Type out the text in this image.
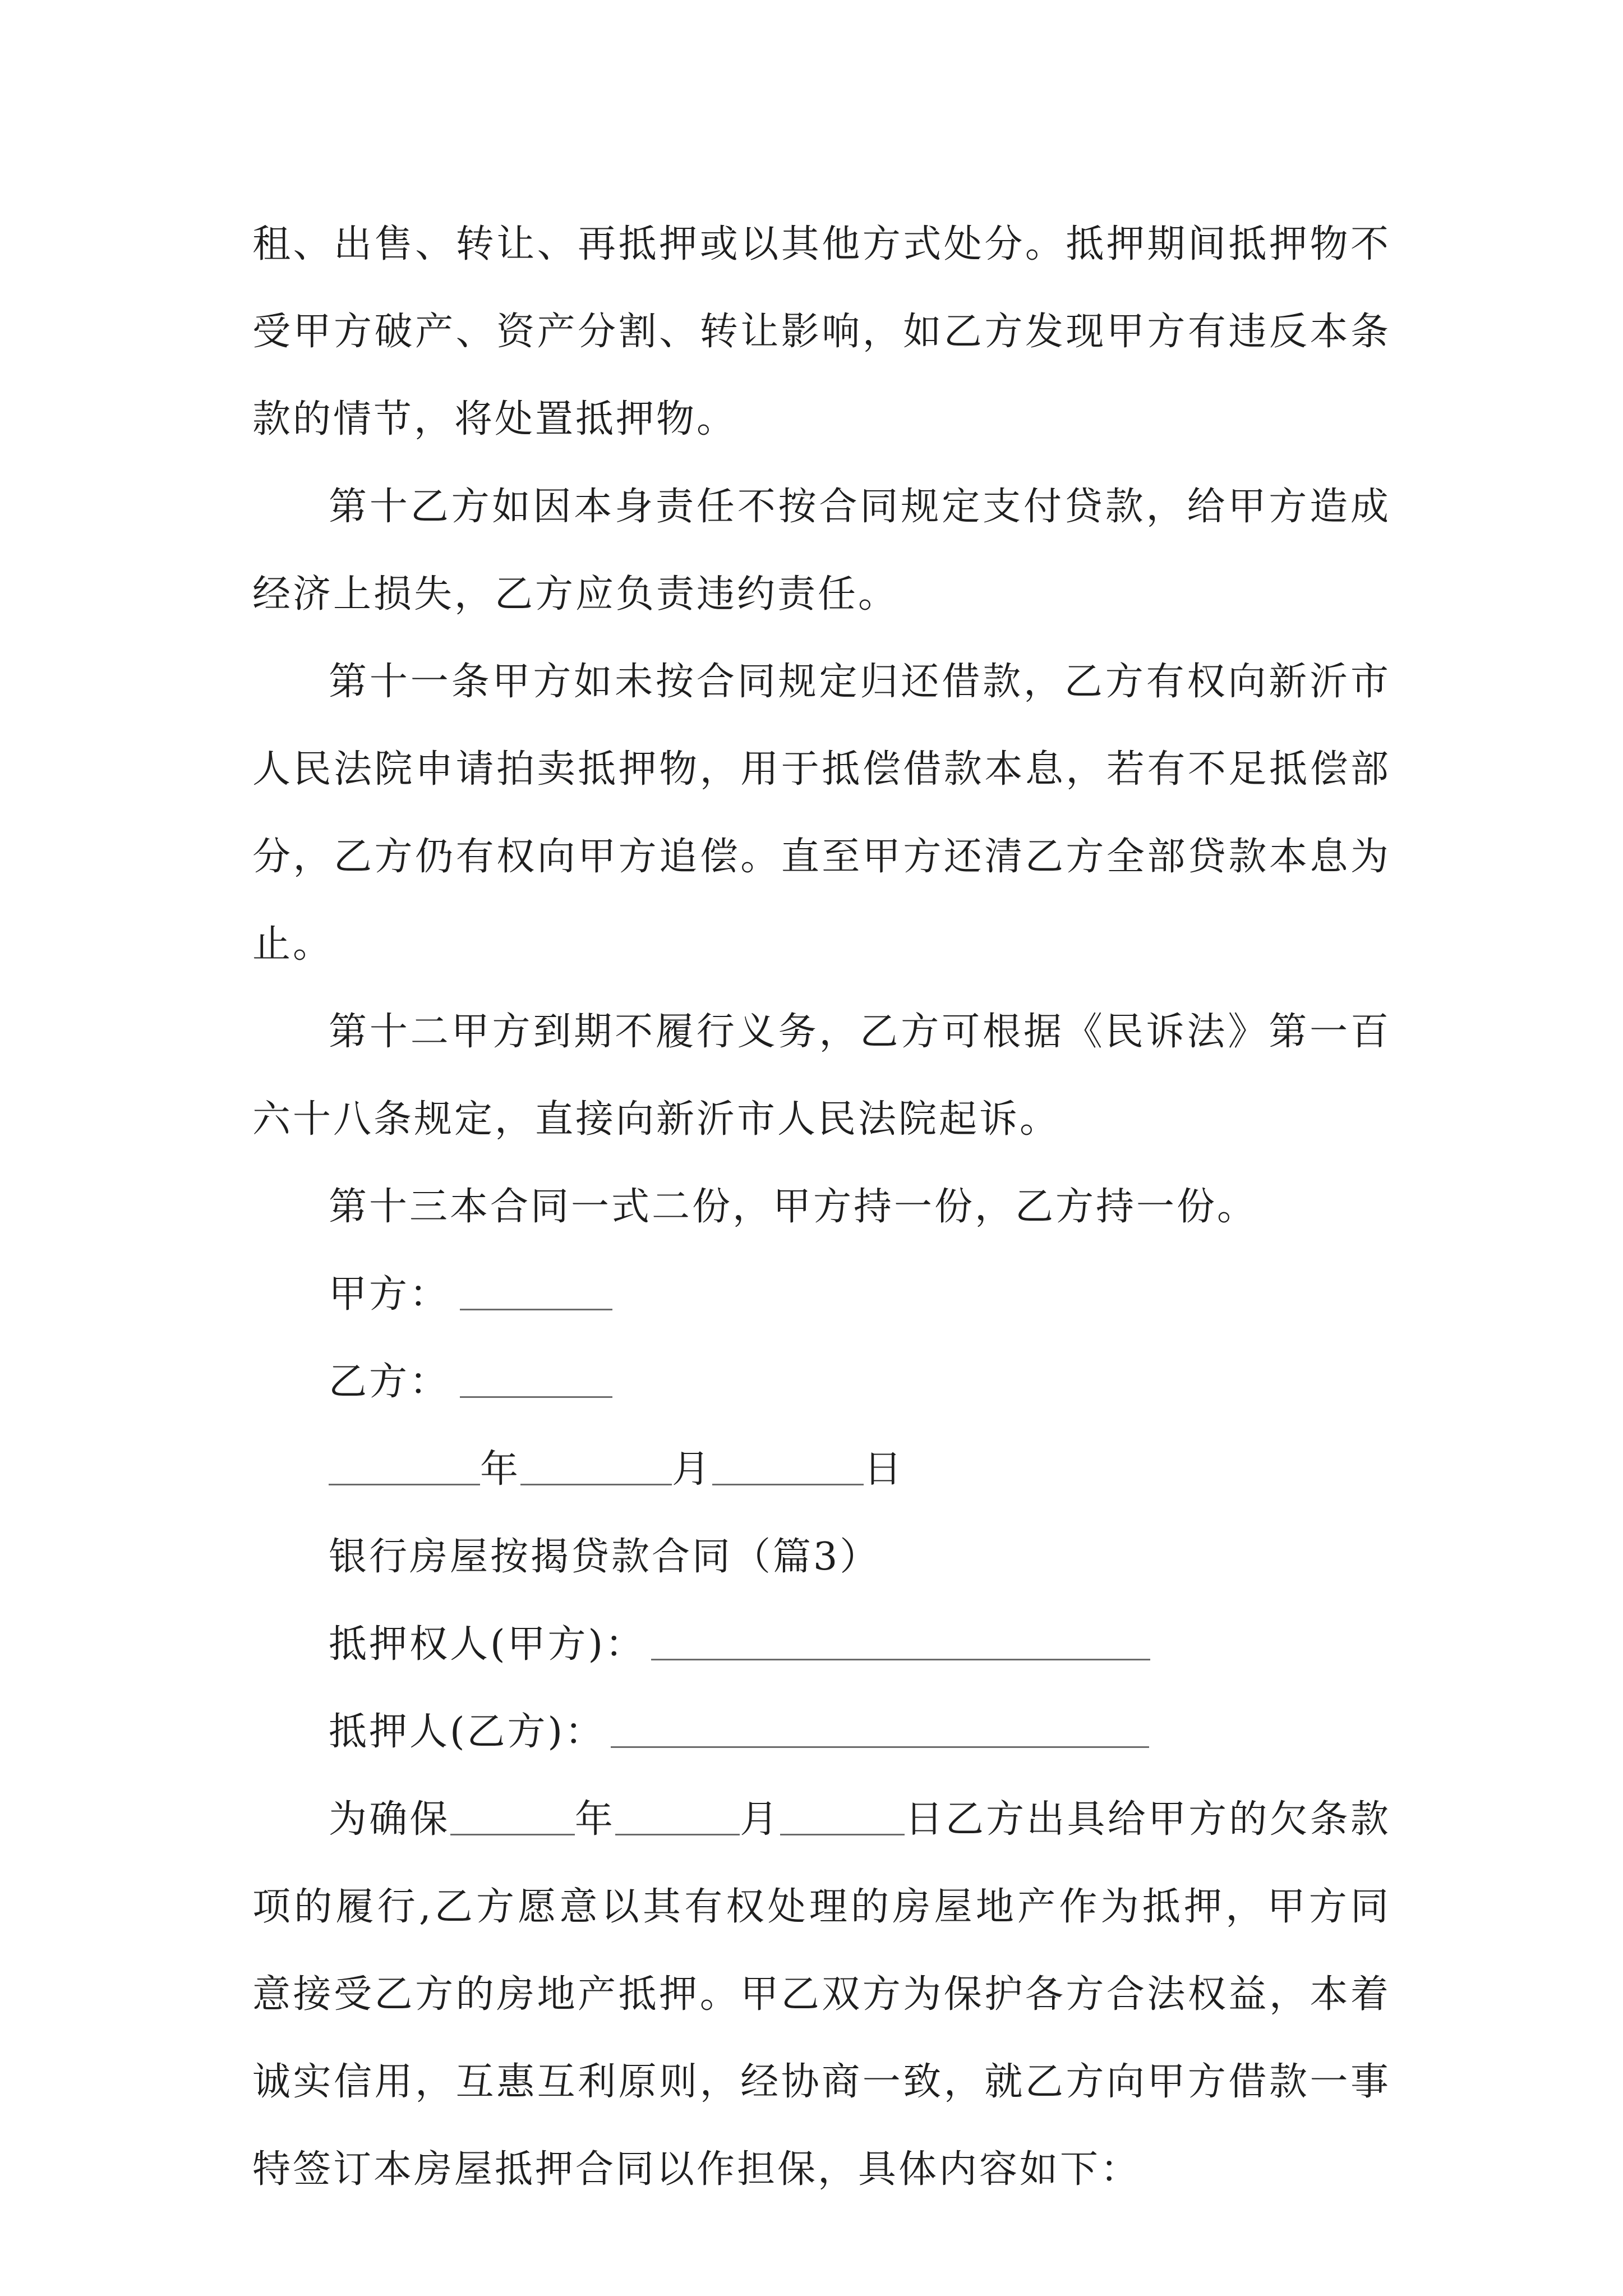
租、出售、转让、再抵押或以其他方式处分。抵押期间抵押物不受甲方破产、资产分割、转让影响，如乙方发现甲方有违反本条款的情节，将处置抵押物。

第十乙方如因本身责任不按合同规定支付贷款，给甲方造成经济上损失，乙方应负责违约责任。

第十一条甲方如未按合同规定归还借款，乙方有权向新沂市人民法院申请拍卖抵押物，用于抵偿借款本息，若有不足抵偿部分，乙方仍有权向甲方追偿。直至甲方还清乙方全部贷款本息为止。

第十二甲方到期不履行义务，乙方可根据《民诉法》第一百六十八条规定，直接向新沂市人民法院起诉。

第十三本合同一式二份，甲方持一份，乙方持一份。

甲方：

乙方：

年	月	日

银行房屋按揭贷款合同（篇3）

抵押权人(甲方)：

抵押人(乙方)：

为确保	年	月	日乙方出具给甲方的欠条款项的履行,乙方愿意以其有权处理的房屋地产作为抵押，甲方同意接受乙方的房地产抵押。甲乙双方为保护各方合法权益，本着诚实信用，互惠互利原则，经协商一致，就乙方向甲方借款一事特签订本房屋抵押合同以作担保，具体内容如下：
